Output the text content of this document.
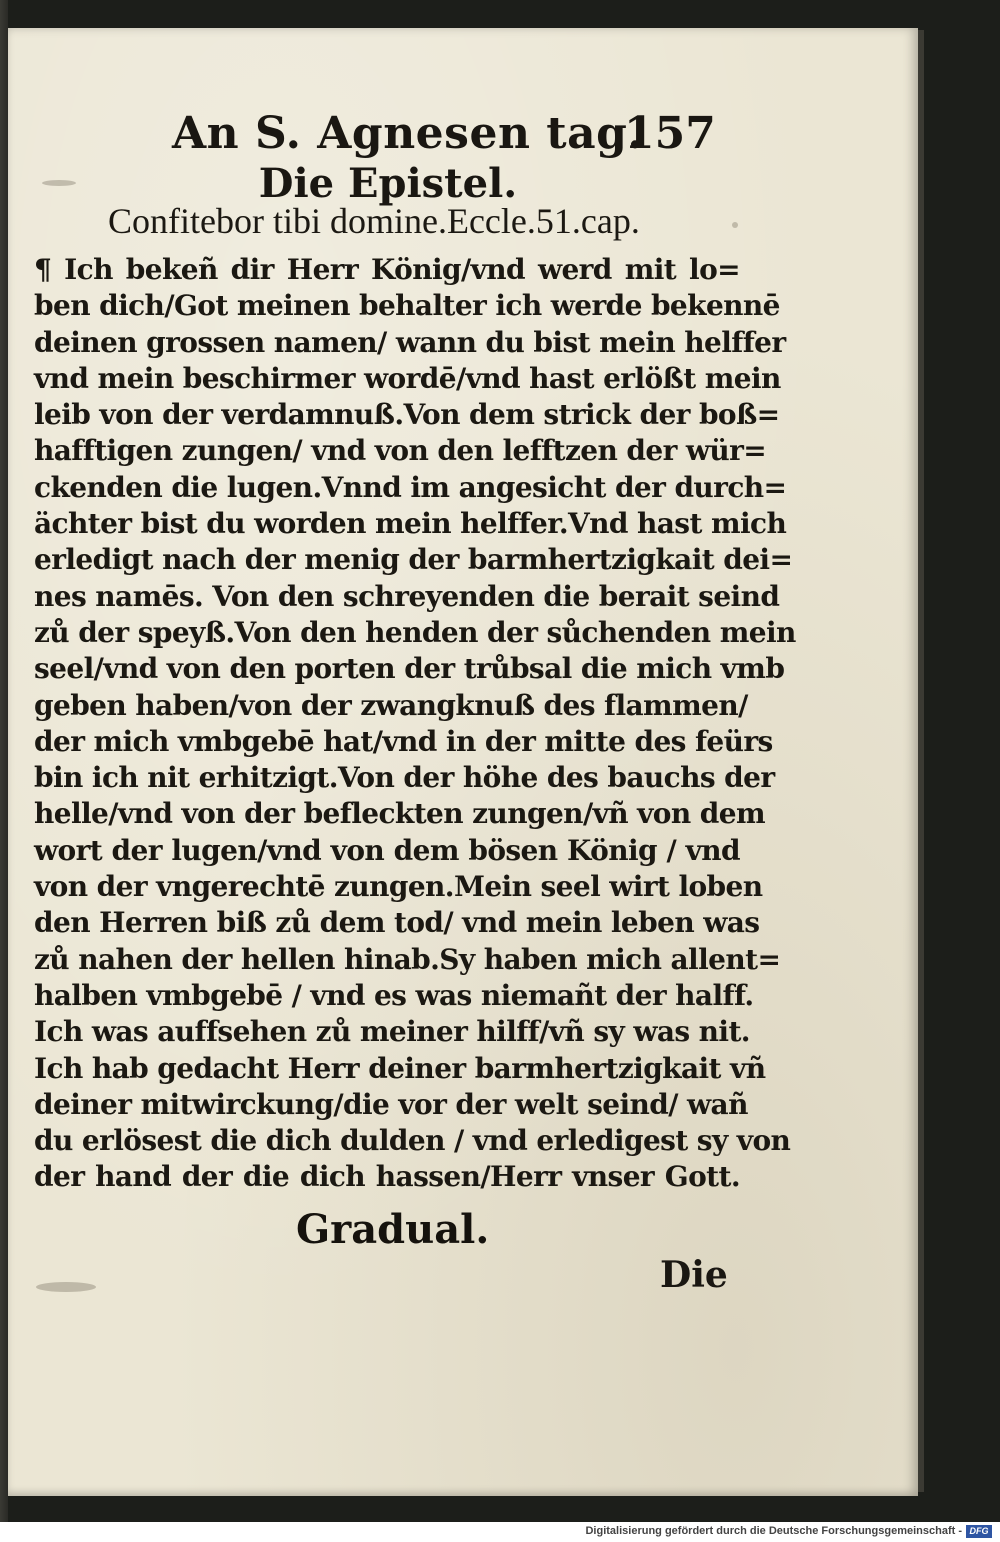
An S. Agnesen tag.
157
Die Epistel.
Confitebor tibi domine.Eccle.51.cap.
¶ Ich bekeñ dir Herr König/vnd werd mit lo=
ben dich/Got meinen behalter ich werde bekennē
deinen grossen namen/ wann du bist mein helffer
vnd mein beschirmer wordē/vnd hast erlößt mein
leib von der verdamnuß.Von dem strick der boß=
hafftigen zungen/ vnd von den lefftzen der wür=
ckenden die lugen.Vnnd im angesicht der durch=
ächter bist du worden mein helffer.Vnd hast mich
erledigt nach der menig der barmhertzigkait dei=
nes namēs. Von den schreyenden die berait seind
zů der speyß.Von den henden der sůchenden mein
seel/vnd von den porten der trůbsal die mich vmb
geben haben/von der zwangknuß des flammen/
der mich vmbgebē hat/vnd in der mitte des feürs
bin ich nit erhitzigt.Von der höhe des bauchs der
helle/vnd von der befleckten zungen/vñ von dem
wort der lugen/vnd von dem bösen König / vnd
von der vngerechtē zungen.Mein seel wirt loben
den Herren biß zů dem tod/ vnd mein leben was
zů nahen der hellen hinab.Sy haben mich allent=
halben vmbgebē / vnd es was niemañt der halff.
Ich was auffsehen zů meiner hilff/vñ sy was nit.
Ich hab gedacht Herr deiner barmhertzigkait vñ
deiner mitwirckung/die vor der welt seind/ wañ
du erlösest die dich dulden / vnd erledigest sy von
der hand der die dich hassen/Herr vnser Gott.
Gradual.
Die
Digitalisierung gefördert durch die Deutsche Forschungsgemeinschaft - DFG
